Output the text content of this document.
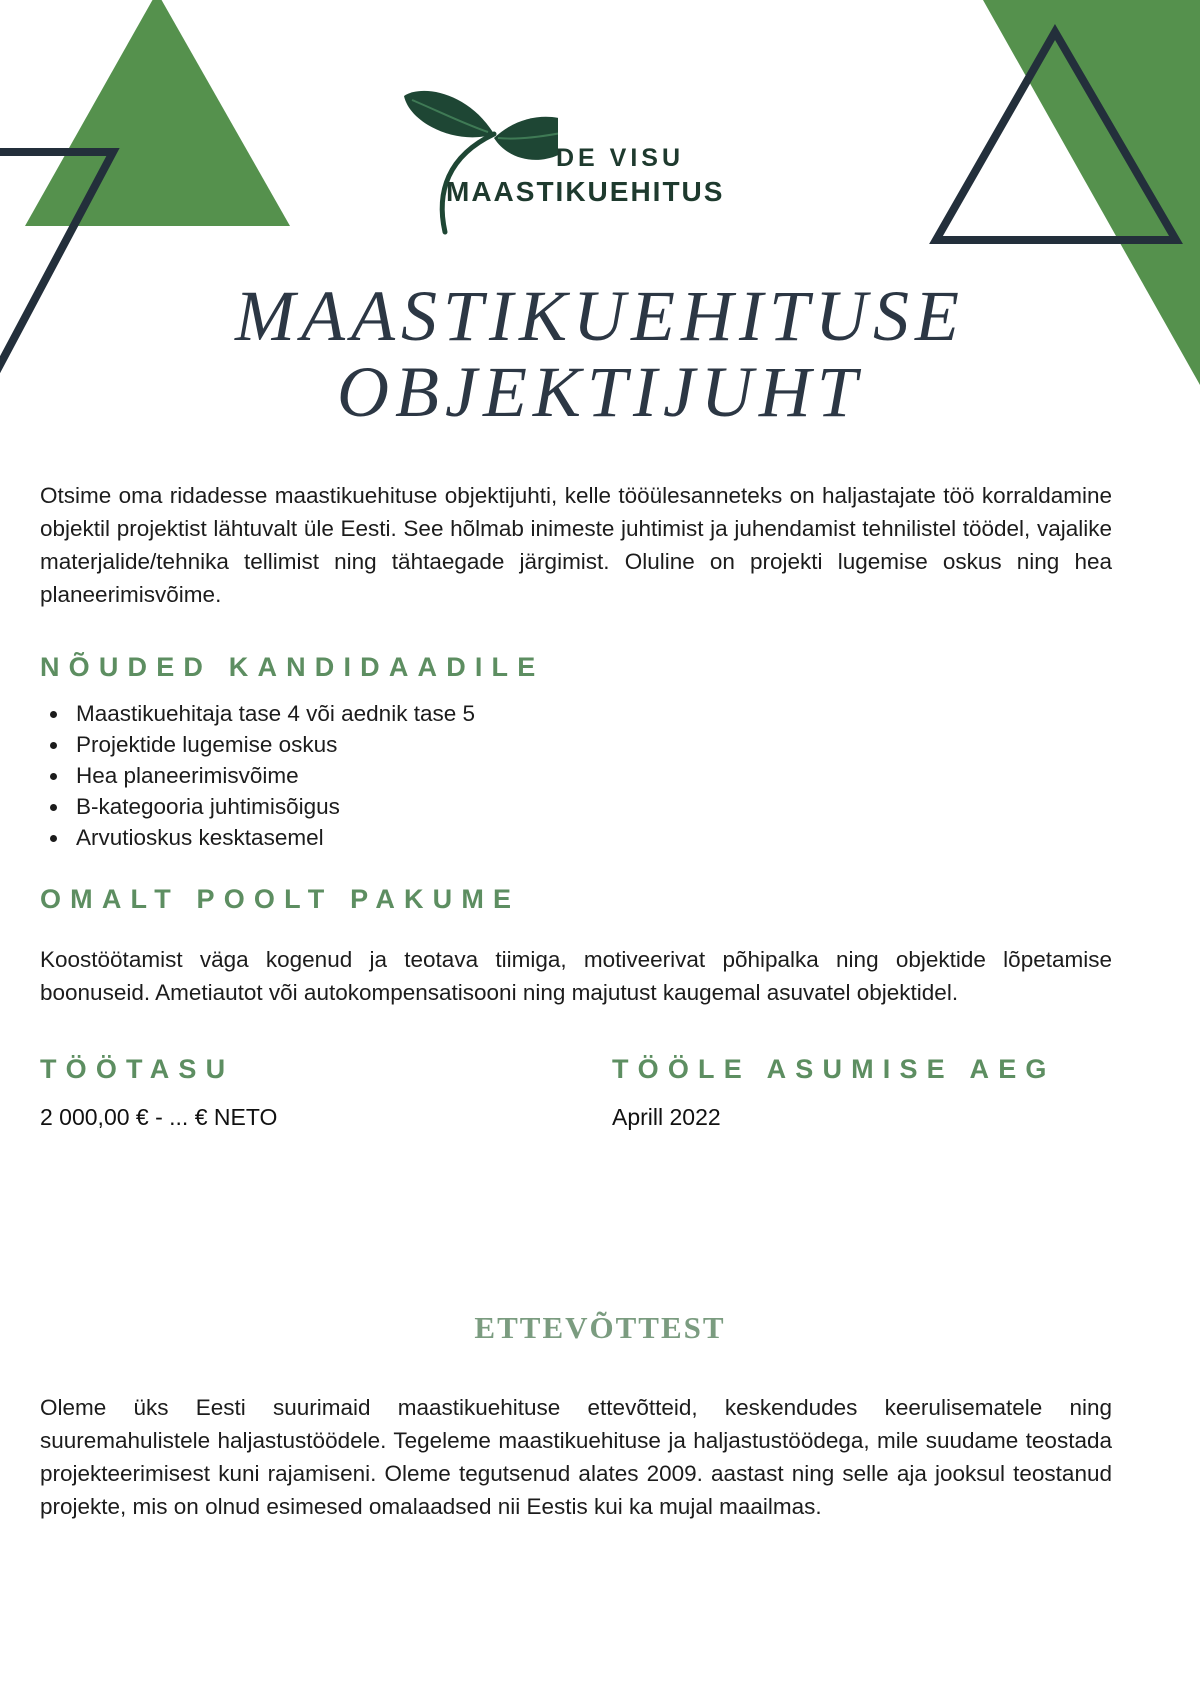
DE VISU
MAASTIKUEHITUS
MAASTIKUEHITUSE
OBJEKTIJUHT

Otsime oma ridadesse maastikuehituse objektijuhti, kelle tööülesanneteks on haljastajate töö korraldamine objektil projektist lähtuvalt üle Eesti. See hõlmab inimeste juhtimist ja juhendamist tehnilistel töödel, vajalike materjalide/tehnika tellimist ning tähtaegade järgimist. Oluline on projekti lugemise oskus ning hea planeerimisvõime.

NÕUDED KANDIDAADILE
• Maastikuehitaja tase 4 või aednik tase 5
• Projektide lugemise oskus
• Hea planeerimisvõime
• B-kategooria juhtimisõigus
• Arvutioskus kesktasemel
OMALT POOLT PAKUME

Koostöötamist väga kogenud ja teotava tiimiga, motiveerivat põhipalka ning objektide lõpetamise boonuseid. Ametiautot või autokompensatisooni ning majutust kaugemal asuvatel objektidel.

TÖÖTASU	TÖÖLE ASUMISE AEG
2 000,00 € - ... € NETO	Aprill 2022
ETTEVÕTTEST

Oleme üks Eesti suurimaid maastikuehituse ettevõtteid, keskendudes keerulisematele ning suuremahulistele haljastustöödele. Tegeleme maastikuehituse ja haljastustöödega, mile suudame teostada projekteerimisest kuni rajamiseni. Oleme tegutsenud alates 2009. aastast ning selle aja jooksul teostanud projekte, mis on olnud esimesed omalaadsed nii Eestis kui ka mujal maailmas.
